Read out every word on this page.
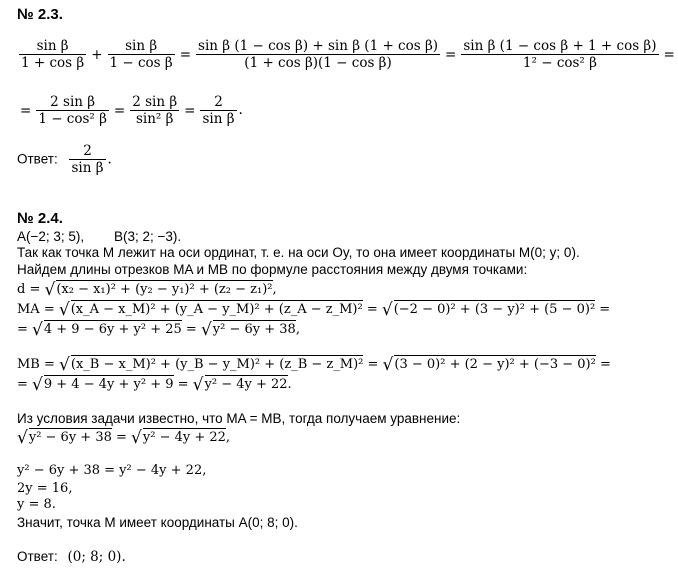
№ 2.3.
$\frac{\text{sin β}}{\text{1 + cos β}} + \frac{\text{sin β}}{\text{1 − cos β}} = \frac{\text{sin β (1 − cos β) + sin β (1 + cos β)}}{\text{(1 + cos β)(1 − cos β)}} = \frac{\text{sin β (1 − cos β + 1 + cos β)}}{\text{1² − cos² β}}$ =
= $\frac{\text{2 sin β}}{\text{1 − cos² β}} = \frac{\text{2 sin β}}{\text{sin² β}} = \frac{2}{\text{sin β}}$ .
Ответ: $\frac{2}{\text{sin β}}$ .
№ 2.4.
A(−2; 3; 5), B(3; 2; −3).
Так как точка M лежит на оси ординат, т. е. на оси Oy, то она имеет координаты M(0; y; 0).
Найдем длины отрезков MA и MB по формуле расстояния между двумя точками:
d = √(x₂ − x₁)² + (y₂ − y₁)² + (z₂ − z₁)²,
MA = √(x_A − x_M)² + (y_A − y_M)² + (z_A − z_M)² = √(−2 − 0)² + (3 − y)² + (5 − 0)² =
= √4 + 9 − 6y + y² + 25 = √y² − 6y + 38,
MB = √(x_B − x_M)² + (y_B − y_M)² + (z_B − z_M)² = √(3 − 0)² + (2 − y)² + (−3 − 0)² =
= √9 + 4 − 4y + y² + 9 = √y² − 4y + 22.
Из условия задачи известно, что MA = MB, тогда получаем уравнение:
√y² − 6y + 38 = √y² − 4y + 22,
y² − 6y + 38 = y² − 4y + 22,
2y = 16,
y = 8.
Значит, точка M имеет координаты A(0; 8; 0).
Ответ: (0; 8; 0).
